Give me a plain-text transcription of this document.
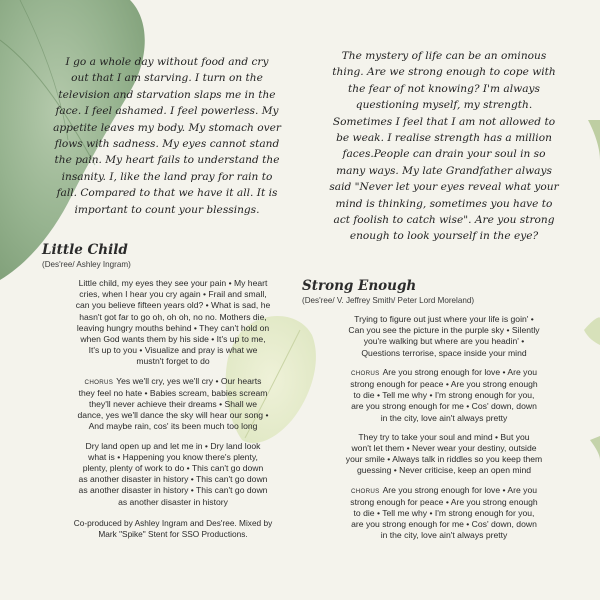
I go a whole day without food and cry
out that I am starving. I turn on the
television and starvation slaps me in the
face. I feel ashamed. I feel powerless. My
appetite leaves my body. My stomach over
flows with sadness. My eyes cannot stand
the pain. My heart fails to understand the
insanity. I, like the land pray for rain to
fall. Compared to that we have it all. It is
important to count your blessings.
The mystery of life can be an ominous
thing. Are we strong enough to cope with
the fear of not knowing? I'm always
questioning myself, my strength.
Sometimes I feel that I am not allowed to
be weak. I realise strength has a million
faces.People can drain your soul in so
many ways. My late Grandfather always
said "Never let your eyes reveal what your
mind is thinking, sometimes you have to
act foolish to catch wise". Are you strong
enough to look yourself in the eye?
Little Child
(Des'ree/ Ashley Ingram)
Little child, my eyes they see your pain • My heart
cries, when I hear you cry again • Frail and small,
can you believe fifteen years old? • What is sad, he
hasn't got far to go oh, oh oh, no no. Mothers die,
leaving hungry mouths behind • They can't hold on
when God wants them by his side • It's up to me,
It's up to you • Visualize and pray is what we
mustn't forget to do
CHORUS Yes we'll cry, yes we'll cry • Our hearts
they feel no hate • Babies scream, babies scream
they'll never achieve their dreams • Shall we
dance, yes we'll dance the sky will hear our song •
And maybe rain, cos' its been much too long
Dry land open up and let me in • Dry land look
what is • Happening you know there's plenty,
plenty, plenty of work to do • This can't go down
as another disaster in history • This can't go down
as another disaster in history • This can't go down
as another disaster in history
Co-produced by Ashley Ingram and Des'ree. Mixed by
Mark "Spike" Stent for SSO Productions.
Strong Enough
(Des'ree/ V. Jeffrey Smith/ Peter Lord Moreland)
Trying to figure out just where your life is goin' •
Can you see the picture in the purple sky • Silently
you're walking but where are you headin' •
Questions terrorise, space inside your mind
CHORUS Are you strong enough for love • Are you
strong enough for peace • Are you strong enough
to die • Tell me why • I'm strong enough for you,
are you strong enough for me • Cos' down, down
in the city, love ain't always pretty
They try to take your soul and mind • But you
won't let them • Never wear your destiny, outside
your smile • Always talk in riddles so you keep them
guessing • Never criticise, keep an open mind
CHORUS Are you strong enough for love • Are you
strong enough for peace • Are you strong enough
to die • Tell me why • I'm strong enough for you,
are you strong enough for me • Cos' down, down
in the city, love ain't always pretty
